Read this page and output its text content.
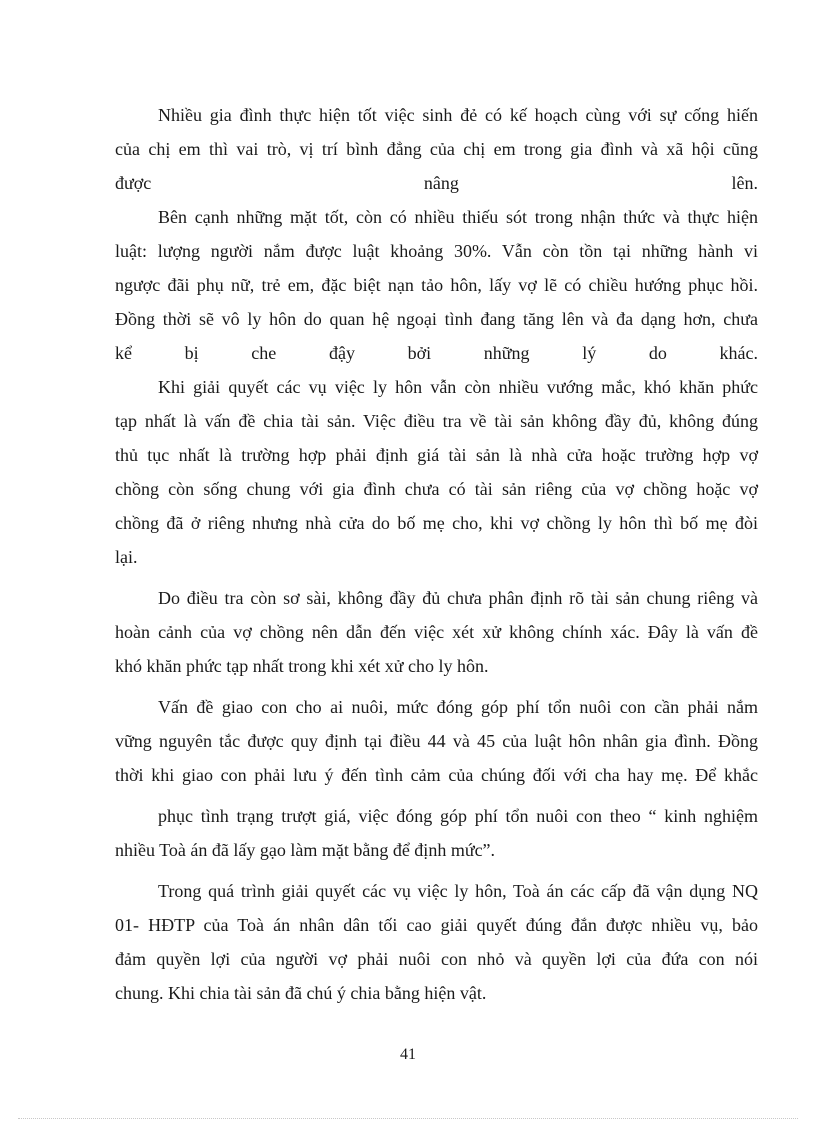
Nhiều gia đình thực hiện tốt việc sinh đẻ có kế hoạch cùng với sự cống hiến
của chị em thì vai trò, vị trí bình đẳng của chị em trong gia đình và xã hội cũng
được nâng lên.
Bên cạnh những mặt tốt, còn có nhiều thiếu sót trong nhận thức và thực hiện
luật: lượng người nắm được luật khoảng 30%. Vẫn còn tồn tại những hành vi
ngược đãi phụ nữ, trẻ em, đặc biệt nạn tảo hôn, lấy vợ lẽ có chiều hướng phục hồi.
Đồng thời sẽ vô ly hôn do quan hệ ngoại tình đang tăng lên và đa dạng hơn, chưa
kể bị che đậy bởi những lý do khác.
Khi giải quyết các vụ việc ly hôn vẫn còn nhiều vướng mắc, khó khăn phức
tạp nhất là vấn đề chia tài sản. Việc điều tra về tài sản không đầy đủ, không đúng
thủ tục nhất là trường hợp phải định giá tài sản là nhà cửa hoặc trường hợp vợ
chồng còn sống chung với gia đình chưa có tài sản riêng của vợ chồng hoặc vợ
chồng đã ở riêng nhưng nhà cửa do bố mẹ cho, khi vợ chồng ly hôn thì bố mẹ đòi
lại.
Do điều tra còn sơ sài, không đầy đủ chưa phân định rõ tài sản chung riêng và
hoàn cảnh của vợ chồng nên dẫn đến việc xét xử không chính xác. Đây là vấn đề
khó khăn phức tạp nhất trong khi xét xử cho ly hôn.
Vấn đề giao con cho ai nuôi, mức đóng góp phí tổn nuôi con cần phải nắm
vững nguyên tắc được quy định tại điều 44 và 45 của luật hôn nhân gia đình. Đồng
thời khi giao con phải lưu ý đến tình cảm của chúng đối với cha hay mẹ. Để khắc
phục tình trạng trượt giá, việc đóng góp phí tổn nuôi con theo “ kinh nghiệm
nhiều Toà án đã lấy gạo làm mặt bằng để định mức”.
Trong quá trình giải quyết các vụ việc ly hôn, Toà án các cấp đã vận dụng NQ
01- HĐTP của Toà án nhân dân tối cao giải quyết đúng đắn được nhiều vụ, bảo
đảm quyền lợi của người vợ phải nuôi con nhỏ và quyền lợi của đứa con nói
chung. Khi chia tài sản đã chú ý chia bằng hiện vật.
41
